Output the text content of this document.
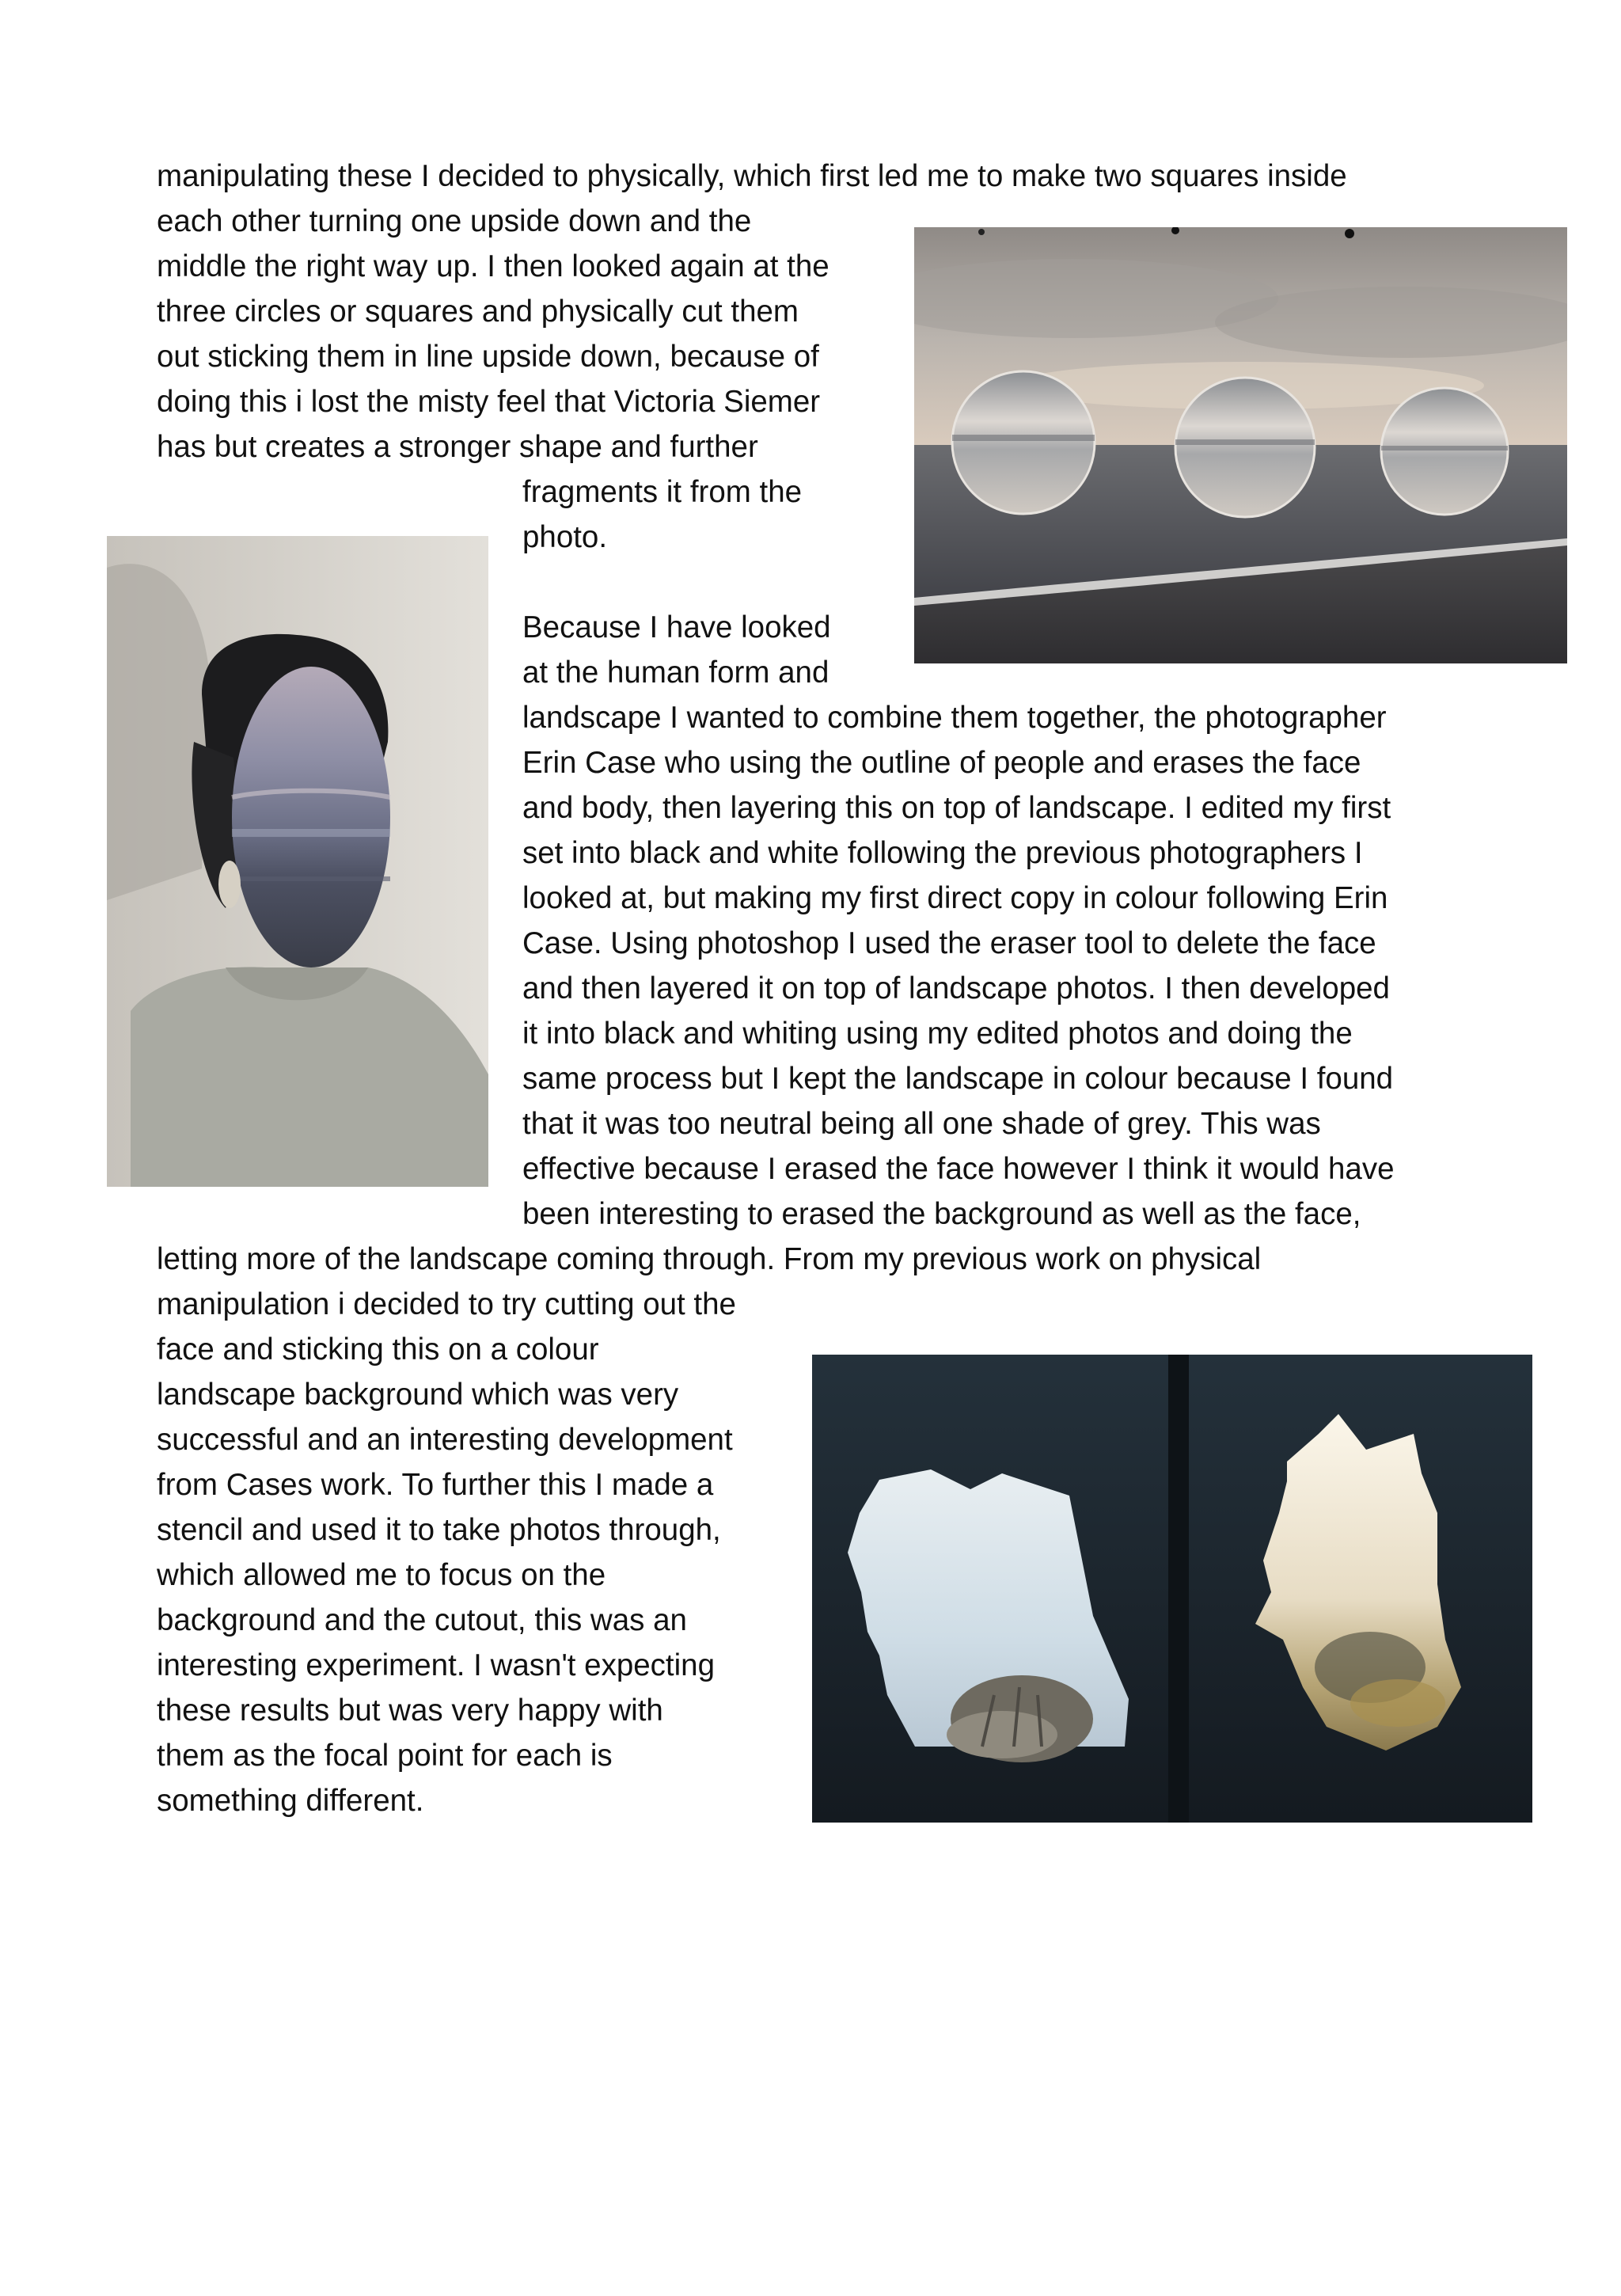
manipulating these I decided to physically, which first led me to make two squares inside

each other turning one upside down and the

middle the right way up. I then looked again at the

three circles or squares and physically cut them

out sticking them in line upside down, because of

doing this i lost the misty feel that Victoria Siemer

has but creates a stronger shape and further

fragments it from the

photo.

Because I have looked

at the human form and

landscape I wanted to combine them together, the photographer

Erin Case who using the outline of people and erases the face

and body, then layering this on top of landscape. I edited my first

set into black and white following the previous photographers I

looked at, but making my first direct copy in colour following Erin

Case. Using photoshop I used the eraser tool to delete the face

and then layered it on top of landscape photos. I then developed

it into black and whiting using my edited photos and doing the

same process but I kept the landscape in colour because I found

that it was too neutral being all one shade of grey. This was

effective because I erased the face however I think it would have

been interesting to erased the background as well as the face,

letting more of the landscape coming through. From my previous work on physical

manipulation i decided to try cutting out the

face and sticking this on a colour

landscape background which was very

successful and an interesting development

from Cases work. To further this I made a

stencil and used it to take photos through,

which allowed me to focus on the

background and the cutout, this was an

interesting experiment. I wasn't expecting

these results but was very happy with

them as the focal point for each is

something different.
